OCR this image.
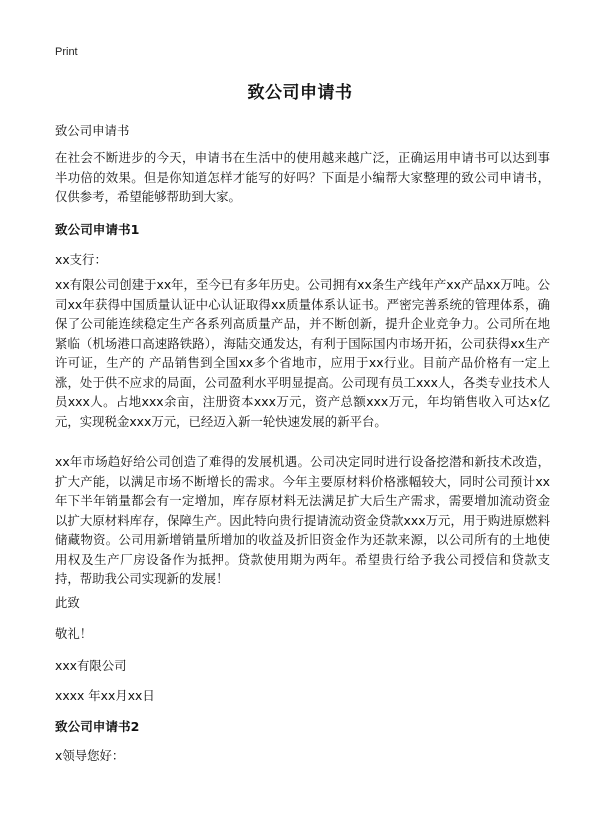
Print
致公司申请书
致公司申请书

在社会不断进步的今天，申请书在生活中的使用越来越广泛，正确运用申请书可以达到事半功倍的效果。但是你知道怎样才能写的好吗？下面是小编帮大家整理的致公司申请书，仅供参考，希望能够帮助到大家。

致公司申请书1
xx支行：

xx有限公司创建于xx年，至今已有多年历史。公司拥有xx条生产线年产xx产品xx万吨。公司xx年获得中国质量认证中心认证取得xx质量体系认证书。严密完善系统的管理体系，确保了公司能连续稳定生产各系列高质量产品，并不断创新，提升企业竞争力。公司所在地紧临（机场港口高速路铁路），海陆交通发达，有利于国际国内市场开拓，公司获得xx生产许可证，生产的 产品销售到全国xx多个省地市，应用于xx行业。目前产品价格有一定上涨，处于供不应求的局面，公司盈利水平明显提高。公司现有员工xxx人，各类专业技术人员xxx人。占地xxx余亩，注册资本xxx万元，资产总额xxx万元，年均销售收入可达x亿元，实现税金xxx万元，已经迈入新一轮快速发展的新平台。

xx年市场趋好给公司创造了难得的发展机遇。公司决定同时进行设备挖潜和新技术改造，扩大产能，以满足市场不断增长的需求。今年主要原材料价格涨幅较大，同时公司预计xx年下半年销量都会有一定增加，库存原材料无法满足扩大后生产需求，需要增加流动资金以扩大原材料库存，保障生产。因此特向贵行提请流动资金贷款xxx万元，用于购进原燃料储藏物资。公司用新增销量所增加的收益及折旧资金作为还款来源，以公司所有的土地使用权及生产厂房设备作为抵押。贷款使用期为两年。希望贵行给予我公司授信和贷款支持，帮助我公司实现新的发展！

此致
敬礼！
xxx有限公司
xxxx 年xx月xx日
致公司申请书2
x领导您好：
